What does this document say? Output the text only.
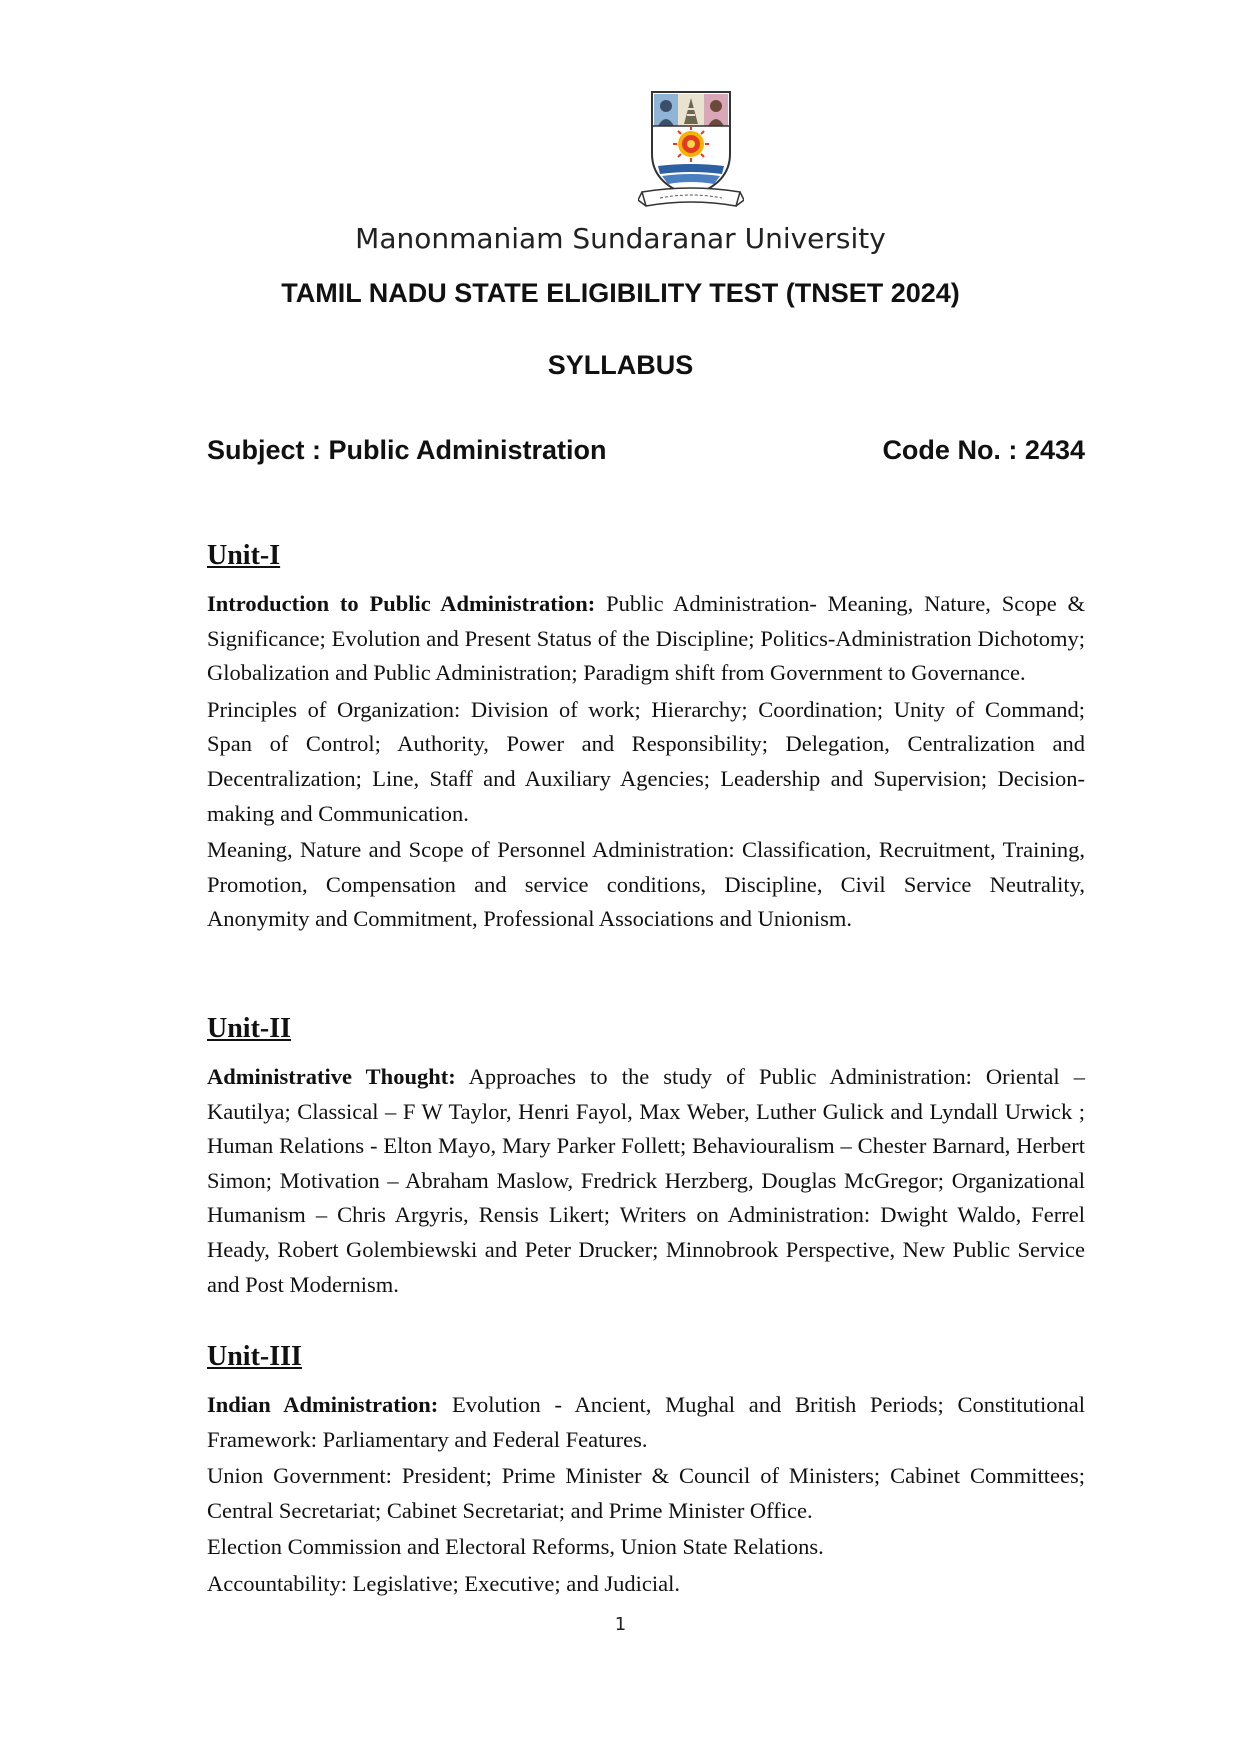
Manonmaniam Sundaranar University
TAMIL NADU STATE ELIGIBILITY TEST (TNSET 2024)
SYLLABUS
Subject : Public Administration	Code No. : 2434
Unit-I

Introduction to Public Administration: Public Administration- Meaning, Nature, Scope & Significance; Evolution and Present Status of the Discipline; Politics-Administration Dichotomy; Globalization and Public Administration; Paradigm shift from Government to Governance.

Principles of Organization: Division of work; Hierarchy; Coordination; Unity of Command; Span of Control; Authority, Power and Responsibility; Delegation, Centralization and Decentralization; Line, Staff and Auxiliary Agencies; Leadership and Supervision; Decision-making and Communication.

Meaning, Nature and Scope of Personnel Administration: Classification, Recruitment, Training, Promotion, Compensation and service conditions, Discipline, Civil Service Neutrality, Anonymity and Commitment, Professional Associations and Unionism.

Unit-II

Administrative Thought: Approaches to the study of Public Administration: Oriental – Kautilya; Classical – F W Taylor, Henri Fayol, Max Weber, Luther Gulick and Lyndall Urwick ; Human Relations - Elton Mayo, Mary Parker Follett; Behaviouralism – Chester Barnard, Herbert Simon; Motivation – Abraham Maslow, Fredrick Herzberg, Douglas McGregor; Organizational Humanism – Chris Argyris, Rensis Likert; Writers on Administration: Dwight Waldo, Ferrel Heady, Robert Golembiewski and Peter Drucker; Minnobrook Perspective, New Public Service and Post Modernism.

Unit-III

Indian Administration: Evolution - Ancient, Mughal and British Periods; Constitutional Framework: Parliamentary and Federal Features.

Union Government: President; Prime Minister & Council of Ministers; Cabinet Committees; Central Secretariat; Cabinet Secretariat; and Prime Minister Office.

Election Commission and Electoral Reforms, Union State Relations.

Accountability: Legislative; Executive; and Judicial.

1
